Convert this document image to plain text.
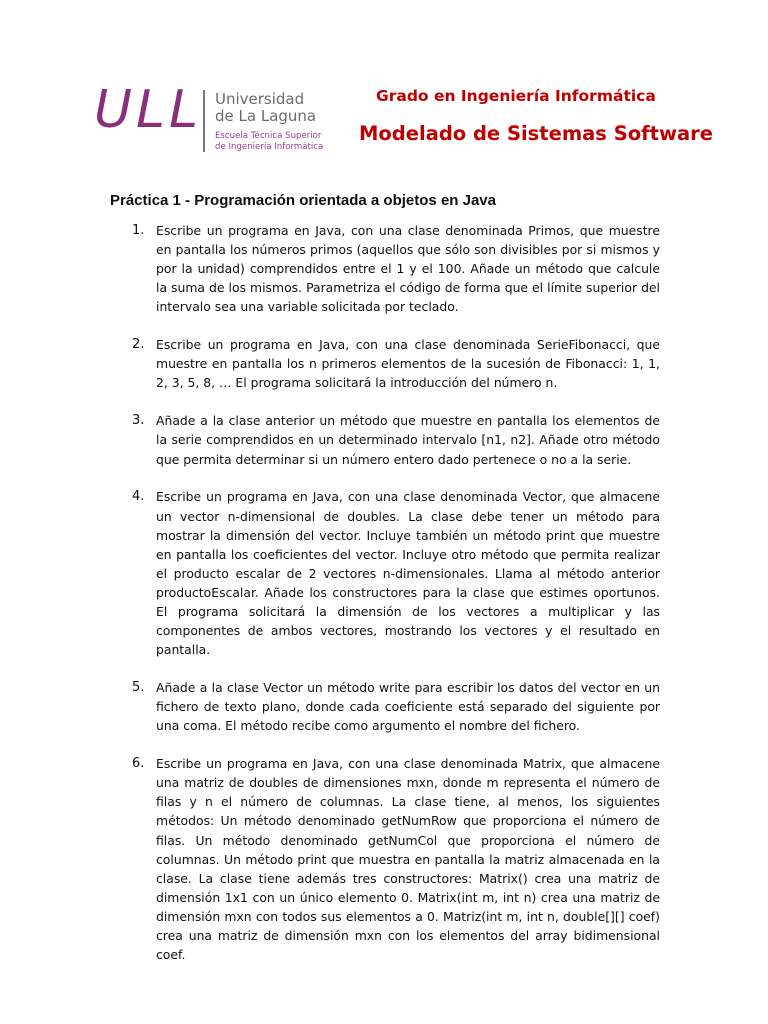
ULL Universidad
de La Laguna
Escuela Técnica Superior
de Ingeniería Informática
Grado en Ingeniería Informática
Modelado de Sistemas Software
Práctica 1 - Programación orientada a objetos en Java
1. Escribe un programa en Java, con una clase denominada Primos, que muestre en pantalla los números primos (aquellos que sólo son divisibles por si mismos y por la unidad) comprendidos entre el 1 y el 100. Añade un método que calcule la suma de los mismos. Parametriza el código de forma que el límite superior del intervalo sea una variable solicitada por teclado.
2. Escribe un programa en Java, con una clase denominada SerieFibonacci, que muestre en pantalla los n primeros elementos de la sucesión de Fibonacci: 1, 1, 2, 3, 5, 8, … El programa solicitará la introducción del número n.
3. Añade a la clase anterior un método que muestre en pantalla los elementos de la serie comprendidos en un determinado intervalo [n1, n2]. Añade otro método que permita determinar si un número entero dado pertenece o no a la serie.
4. Escribe un programa en Java, con una clase denominada Vector, que almacene un vector n-dimensional de doubles. La clase debe tener un método para mostrar la dimensión del vector. Incluye también un método print que muestre en pantalla los coeficientes del vector. Incluye otro método que permita realizar el producto escalar de 2 vectores n-dimensionales. Llama al método anterior productoEscalar. Añade los constructores para la clase que estimes oportunos. El programa solicitará la dimensión de los vectores a multiplicar y las componentes de ambos vectores, mostrando los vectores y el resultado en pantalla.
5. Añade a la clase Vector un método write para escribir los datos del vector en un fichero de texto plano, donde cada coeficiente está separado del siguiente por una coma. El método recibe como argumento el nombre del fichero.
6. Escribe un programa en Java, con una clase denominada Matrix, que almacene una matriz de doubles de dimensiones mxn, donde m representa el número de filas y n el número de columnas. La clase tiene, al menos, los siguientes métodos: Un método denominado getNumRow que proporciona el número de filas. Un método denominado getNumCol que proporciona el número de columnas. Un método print que muestra en pantalla la matriz almacenada en la clase. La clase tiene además tres constructores: Matrix() crea una matriz de dimensión 1x1 con un único elemento 0. Matrix(int m, int n) crea una matriz de dimensión mxn con todos sus elementos a 0. Matriz(int m, int n, double[][] coef) crea una matriz de dimensión mxn con los elementos del array bidimensional coef.
